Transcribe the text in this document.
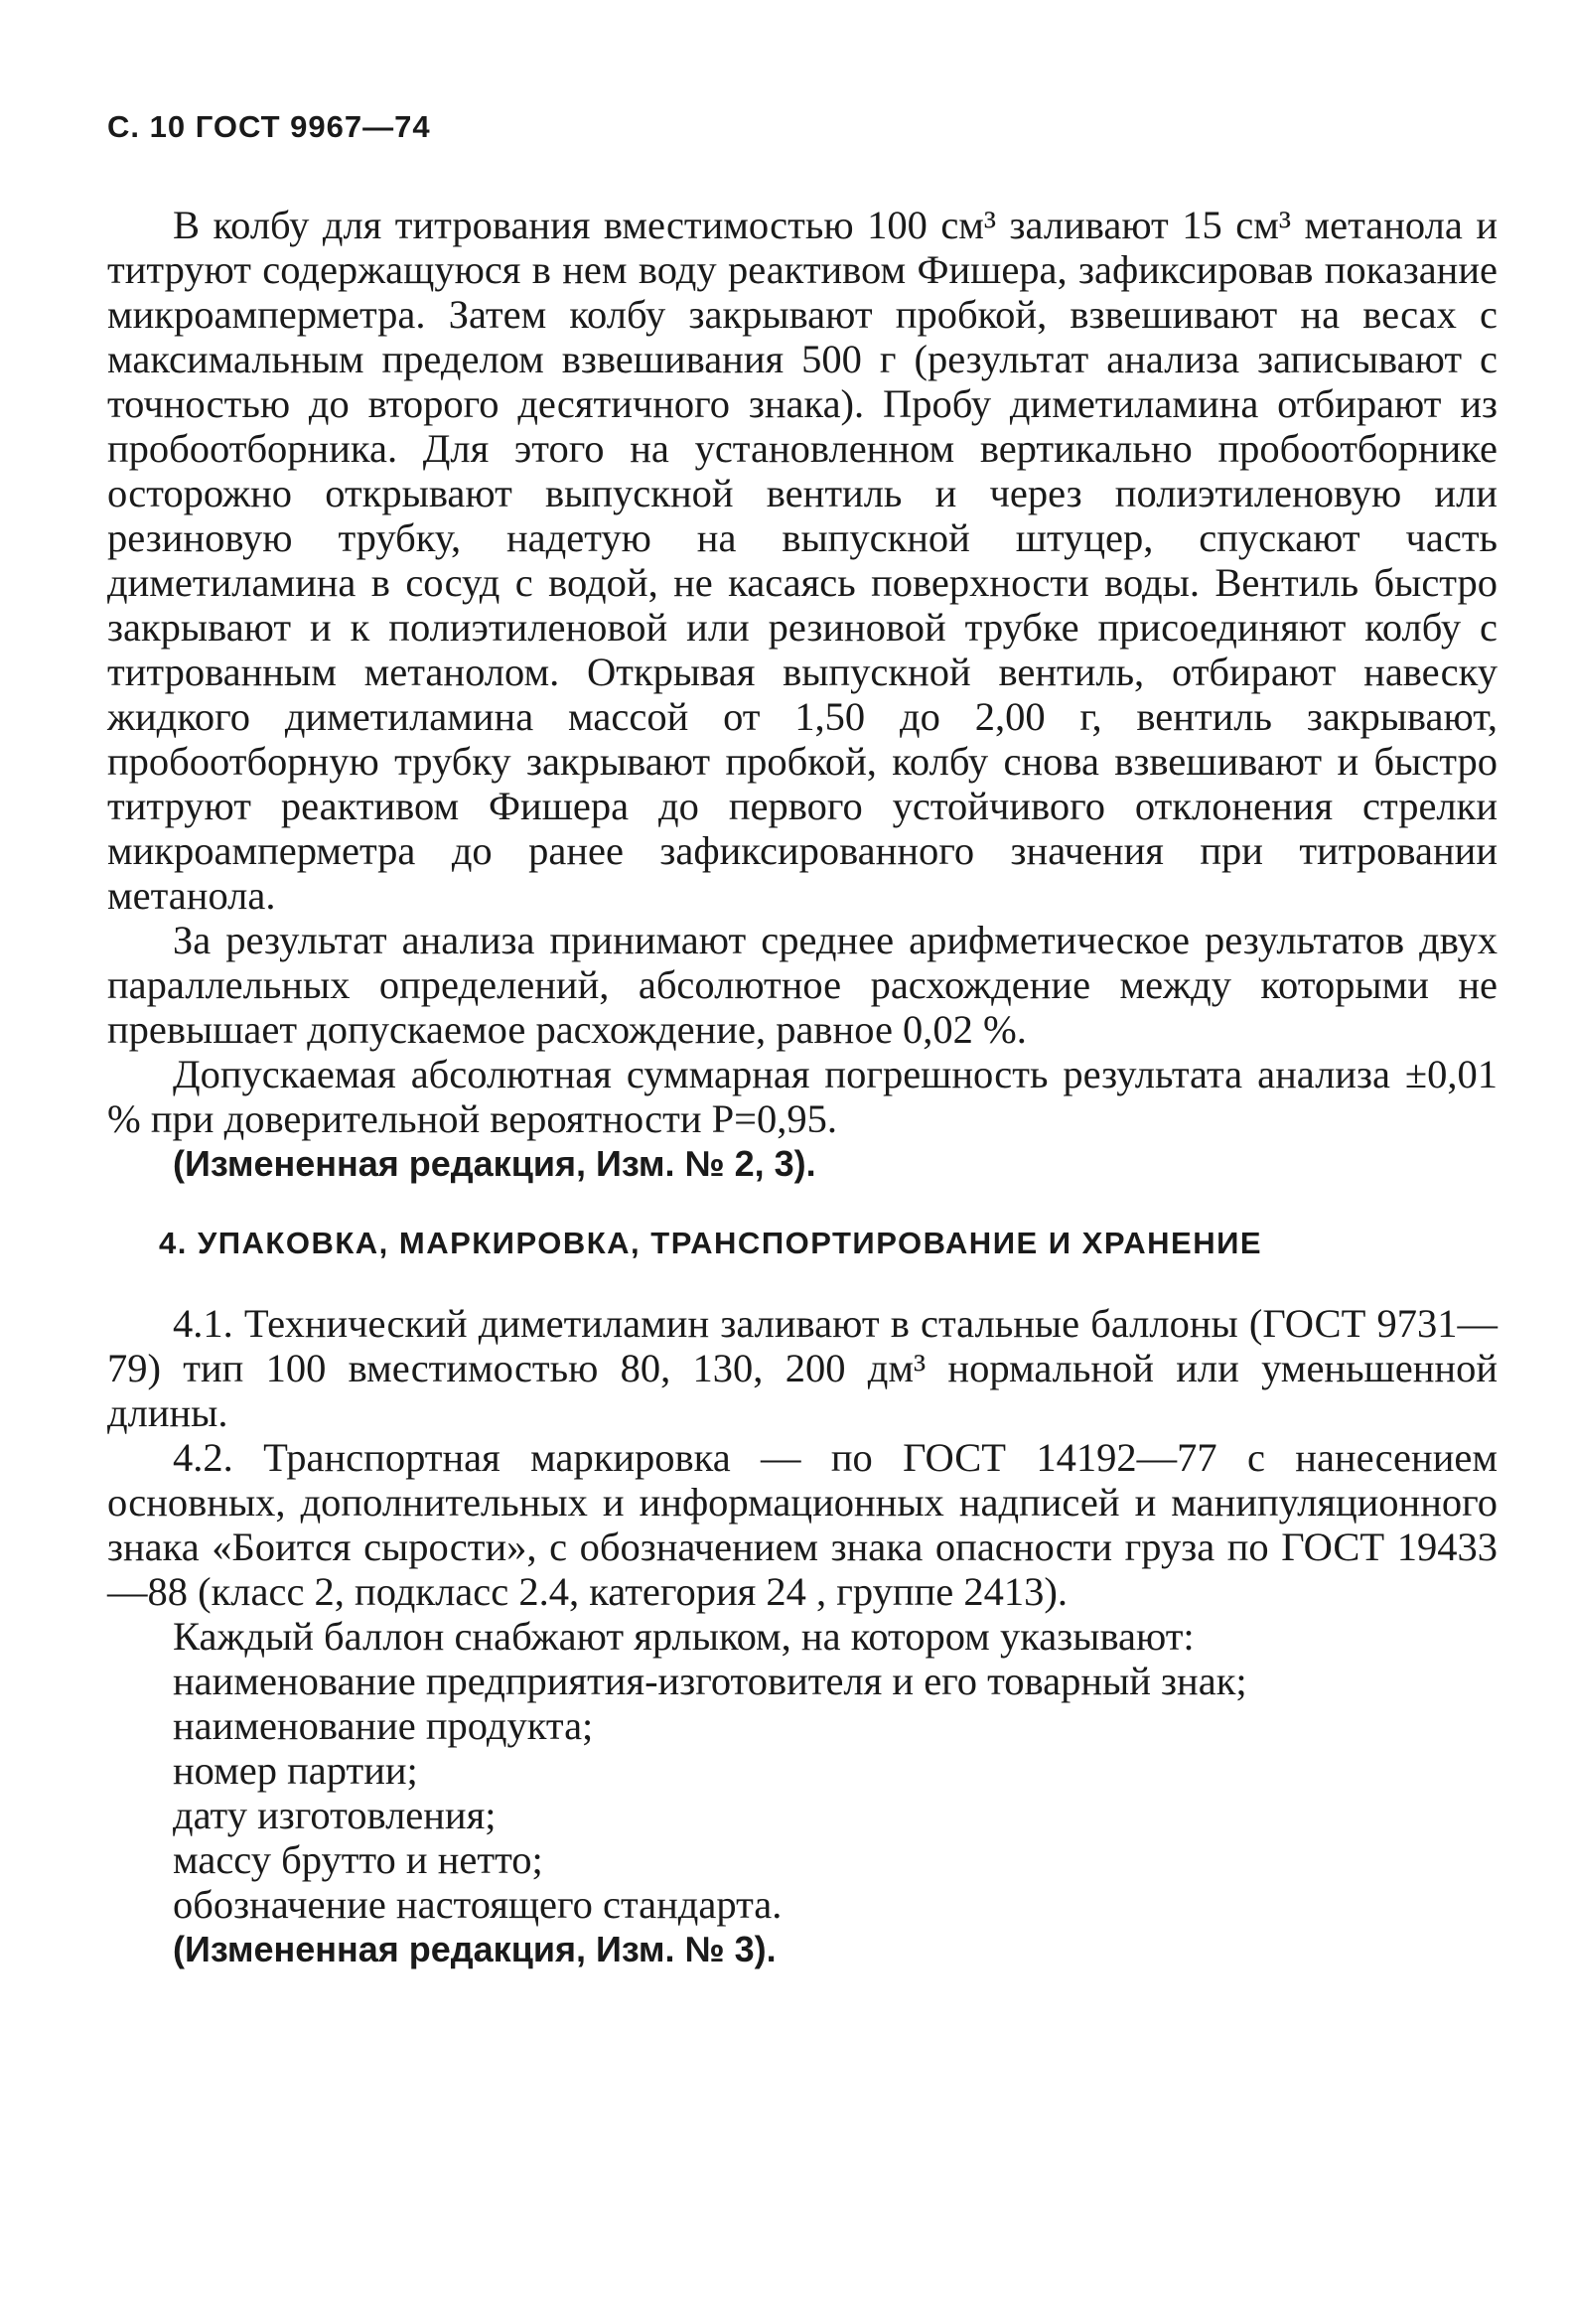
С. 10 ГОСТ 9967—74

В колбу для титрования вместимостью 100 см³ заливают 15 см³ метанола и титруют содержащуюся в нем воду реактивом Фишера, зафиксировав показание микроамперметра. Затем колбу закрывают пробкой, взвешивают на весах с максимальным пределом взвешивания 500 г (результат анализа записывают с точностью до второго десятичного знака). Пробу диметиламина отбирают из пробоотборника. Для этого на установленном вертикально пробоотборнике осторожно открывают выпускной вентиль и через полиэтиленовую или резиновую трубку, надетую на выпускной штуцер, спускают часть диметиламина в сосуд с водой, не касаясь поверхности воды. Вентиль быстро закрывают и к полиэтиленовой или резиновой трубке присоединяют колбу с титрованным метанолом. Открывая выпускной вентиль, отбирают навеску жидкого диметиламина массой от 1,50 до 2,00 г, вентиль закрывают, пробоотборную трубку закрывают пробкой, колбу снова взвешивают и быстро титруют реактивом Фишера до первого устойчивого отклонения стрелки микроамперметра до ранее зафиксированного значения при титровании метанола.

За результат анализа принимают среднее арифметическое результатов двух параллельных определений, абсолютное расхождение между которыми не превышает допускаемое расхождение, равное 0,02 %.

Допускаемая абсолютная суммарная погрешность результата анализа ±0,01 % при доверительной вероятности P=0,95.

(Измененная редакция, Изм. № 2, 3).

4. УПАКОВКА, МАРКИРОВКА, ТРАНСПОРТИРОВАНИЕ И ХРАНЕНИЕ

4.1. Технический диметиламин заливают в стальные баллоны (ГОСТ 9731—79) тип 100 вместимостью 80, 130, 200 дм³ нормальной или уменьшенной длины.

4.2. Транспортная маркировка — по ГОСТ 14192—77 с нанесением основных, дополнительных и информационных надписей и манипуляционного знака «Боится сырости», с обозначением знака опасности груза по ГОСТ 19433—88 (класс 2, подкласс 2.4, категория 24 , группе 2413).

Каждый баллон снабжают ярлыком, на котором указывают:

наименование предприятия-изготовителя и его товарный знак;
наименование продукта;
номер партии;
дату изготовления;
массу брутто и нетто;
обозначение настоящего стандарта.

(Измененная редакция, Изм. № 3).
